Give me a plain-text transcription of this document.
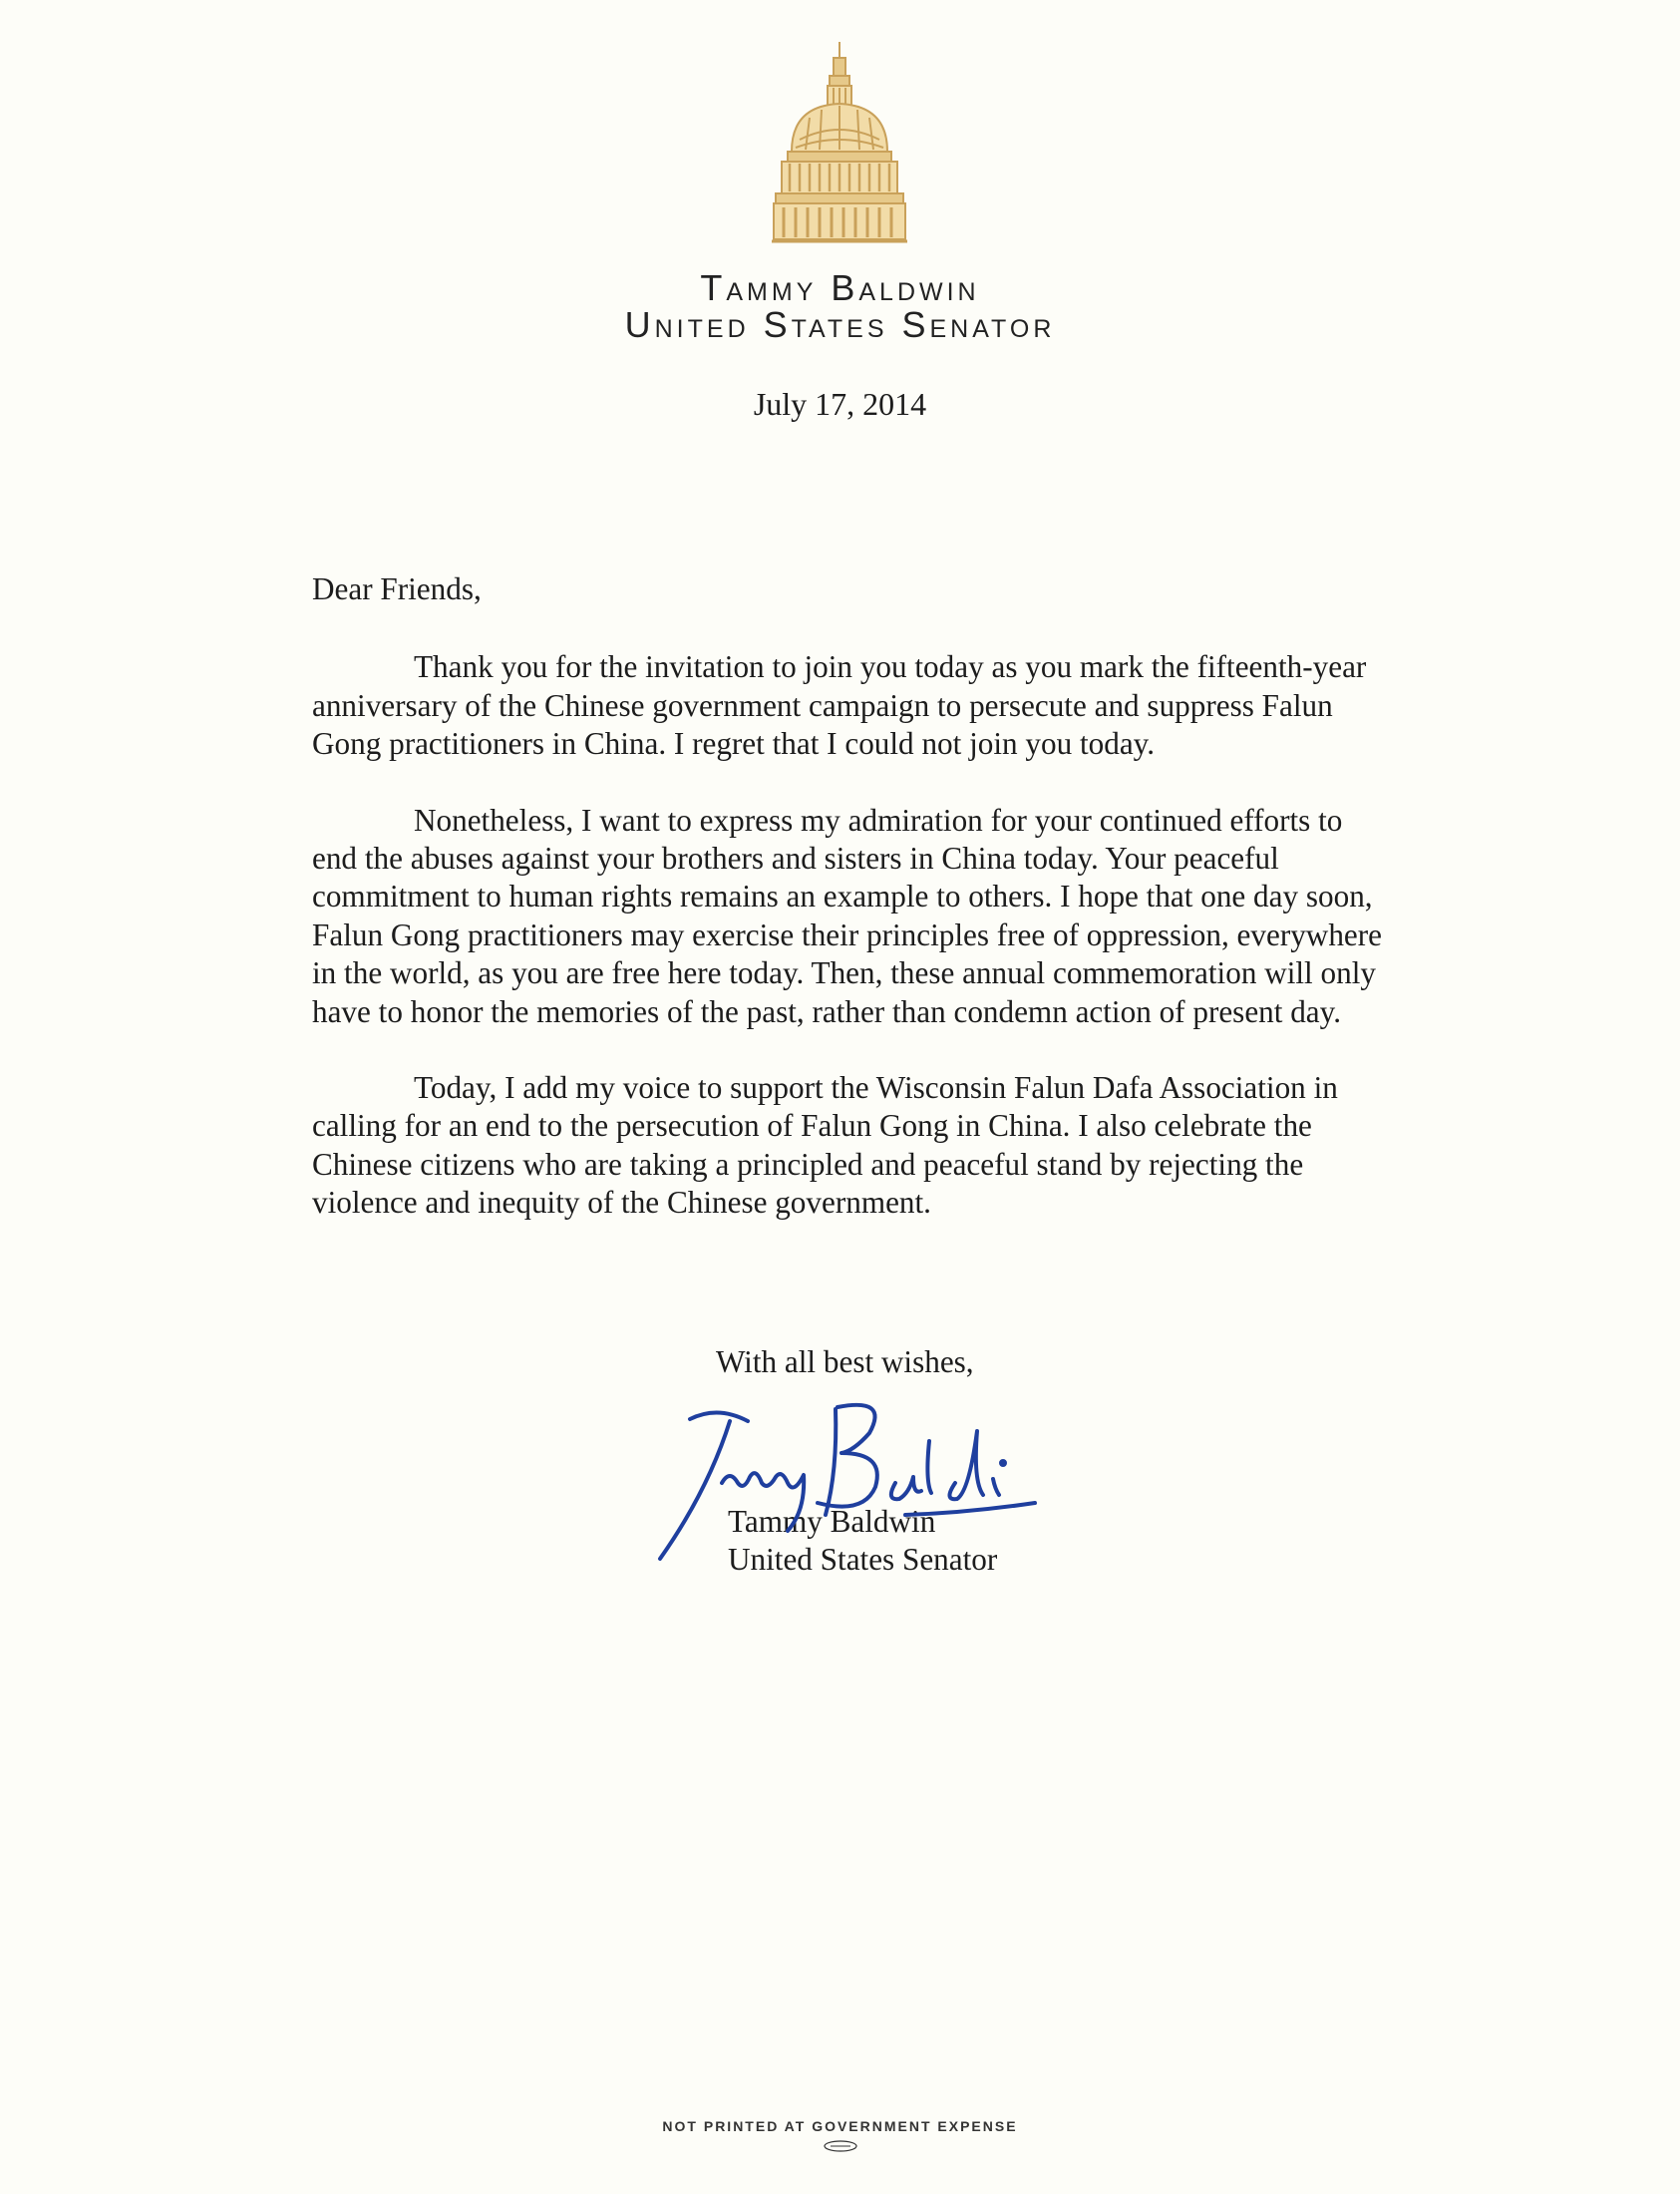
Tammy Baldwin
United States Senator
July 17, 2014
Dear Friends,

Thank you for the invitation to join you today as you mark the fifteenth-year anniversary of the Chinese government campaign to persecute and suppress Falun Gong practitioners in China. I regret that I could not join you today.

Nonetheless, I want to express my admiration for your continued efforts to end the abuses against your brothers and sisters in China today. Your peaceful commitment to human rights remains an example to others. I hope that one day soon, Falun Gong practitioners may exercise their principles free of oppression, everywhere in the world, as you are free here today. Then, these annual commemoration will only have to honor the memories of the past, rather than condemn action of present day.

Today, I add my voice to support the Wisconsin Falun Dafa Association in calling for an end to the persecution of Falun Gong in China. I also celebrate the Chinese citizens who are taking a principled and peaceful stand by rejecting the violence and inequity of the Chinese government.

With all best wishes,
Tammy Baldwin
United States Senator
NOT PRINTED AT GOVERNMENT EXPENSE
